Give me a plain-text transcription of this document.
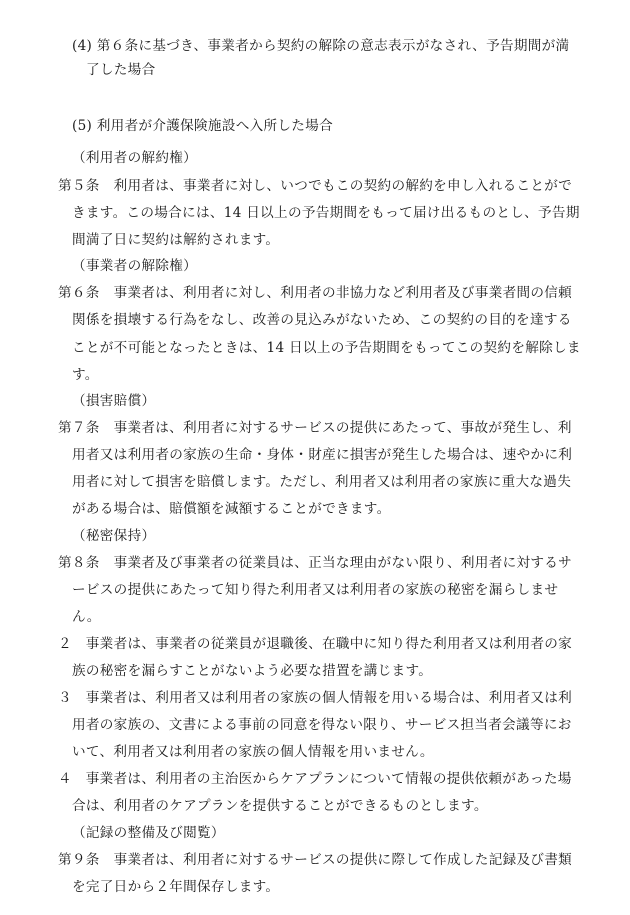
(4) 第６条に基づき、事業者から契約の解除の意志表示がなされ、予告期間が満
了した場合
(5) 利用者が介護保険施設へ入所した場合
（利用者の解約権）
第５条　利用者は、事業者に対し、いつでもこの契約の解約を申し入れることがで
きます。この場合には、14 日以上の予告期間をもって届け出るものとし、予告期
間満了日に契約は解約されます。
（事業者の解除権）
第６条　事業者は、利用者に対し、利用者の非協力など利用者及び事業者間の信頼
関係を損壊する行為をなし、改善の見込みがないため、この契約の目的を達する
ことが不可能となったときは、14 日以上の予告期間をもってこの契約を解除しま
す。
（損害賠償）
第７条　事業者は、利用者に対するサービスの提供にあたって、事故が発生し、利
用者又は利用者の家族の生命・身体・財産に損害が発生した場合は、速やかに利
用者に対して損害を賠償します。ただし、利用者又は利用者の家族に重大な過失
がある場合は、賠償額を減額することができます。
（秘密保持）
第８条　事業者及び事業者の従業員は、正当な理由がない限り、利用者に対するサ
ービスの提供にあたって知り得た利用者又は利用者の家族の秘密を漏らしませ
ん。
２　事業者は、事業者の従業員が退職後、在職中に知り得た利用者又は利用者の家
族の秘密を漏らすことがないよう必要な措置を講じます。
３　事業者は、利用者又は利用者の家族の個人情報を用いる場合は、利用者又は利
用者の家族の、文書による事前の同意を得ない限り、サービス担当者会議等にお
いて、利用者又は利用者の家族の個人情報を用いません。
４　事業者は、利用者の主治医からケアプランについて情報の提供依頼があった場
合は、利用者のケアプランを提供することができるものとします。
（記録の整備及び閲覧）
第９条　事業者は、利用者に対するサービスの提供に際して作成した記録及び書類
を完了日から２年間保存します。
